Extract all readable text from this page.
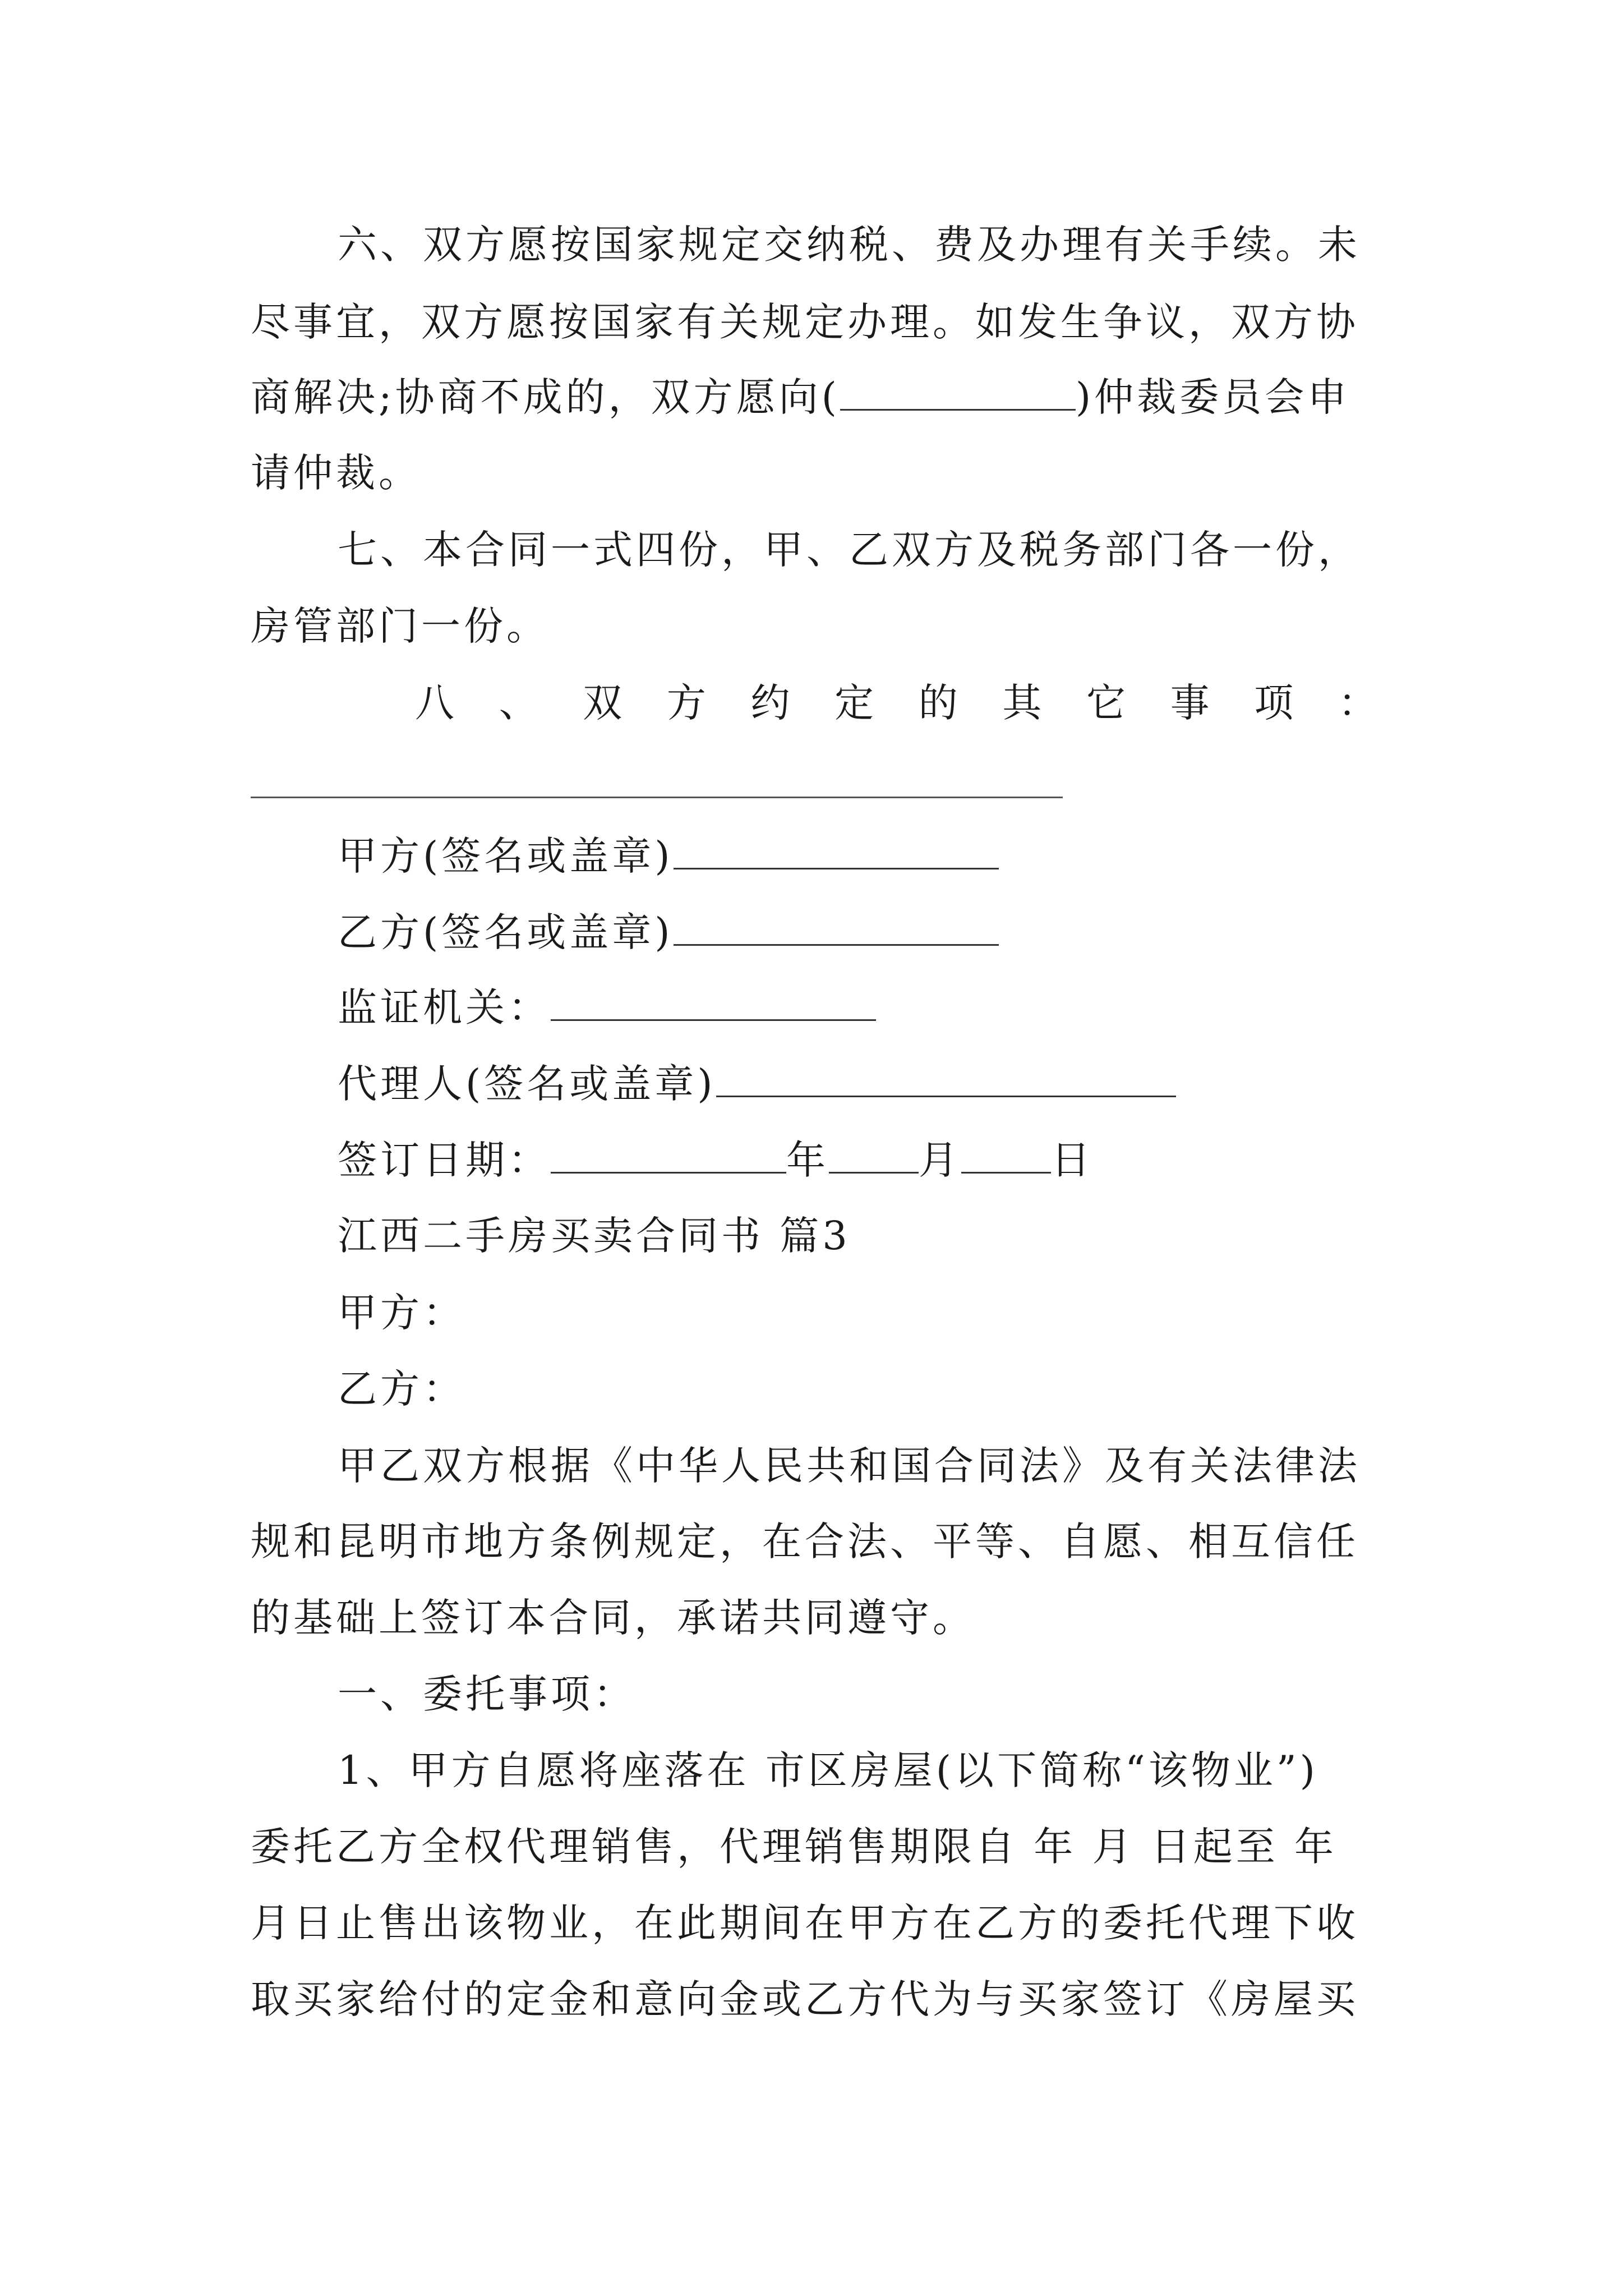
六、双方愿按国家规定交纳税、费及办理有关手续。未
尽事宜，双方愿按国家有关规定办理。如发生争议，双方协
商解决;协商不成的，双方愿向(	)仲裁委员会申
请仲裁。
七、本合同一式四份，甲、乙双方及税务部门各一份，
房管部门一份。
八 、 双 方 约 定 的 其 它 事 项 ：
甲方(签名或盖章)
乙方(签名或盖章)
监证机关：
代理人(签名或盖章)
签订日期：	年 月 日
江西二手房买卖合同书 篇3
甲方：
乙方：
甲乙双方根据《中华人民共和国合同法》及有关法律法
规和昆明市地方条例规定，在合法、平等、自愿、相互信任
的基础上签订本合同，承诺共同遵守。
一、委托事项：
1、甲方自愿将座落在 市区房屋(以下简称“该物业”)
委托乙方全权代理销售，代理销售期限自 年 月 日起至 年
月日止售出该物业，在此期间在甲方在乙方的委托代理下收
取买家给付的定金和意向金或乙方代为与买家签订《房屋买
